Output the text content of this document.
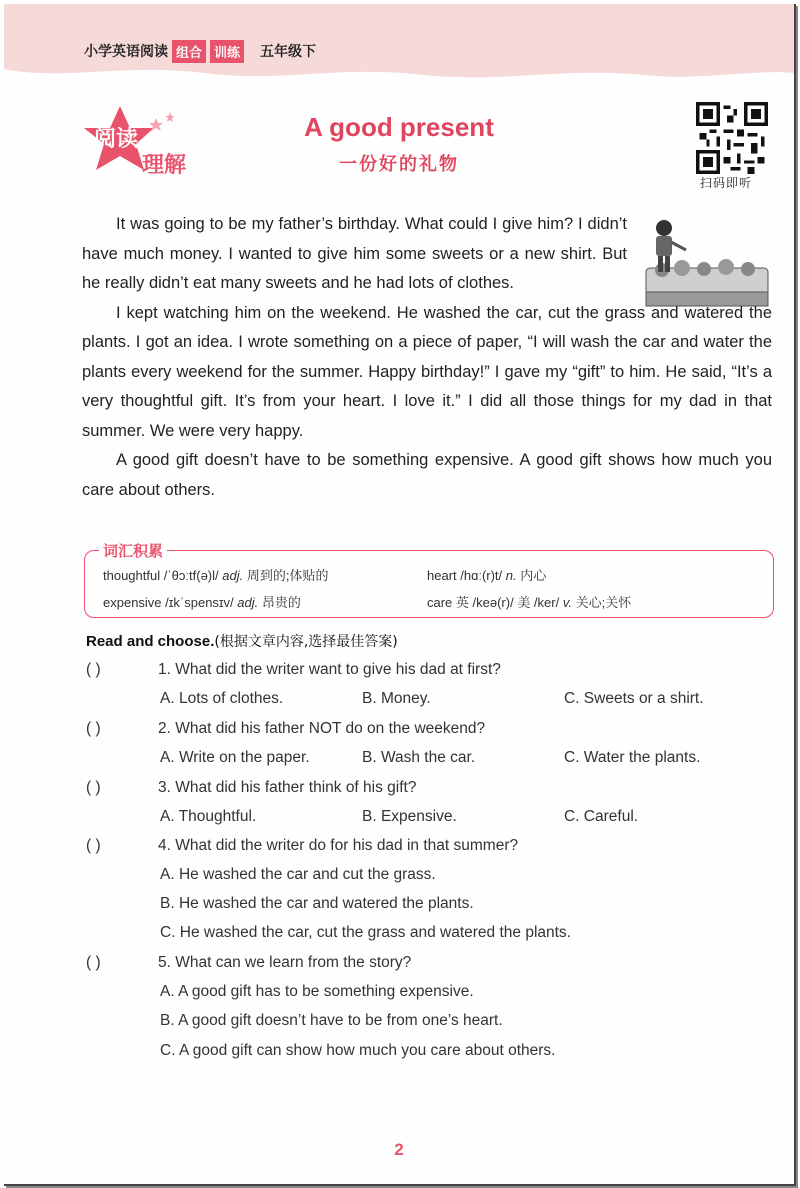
小学英语阅读 组合 训练 五年级下
阅读
理解
A good present
一份好的礼物
扫码即听

It was going to be my father’s birthday. What could I give him? I didn’t have much money. I wanted to give him some sweets or a new shirt. But he really didn’t eat many sweets and he had lots of clothes.

I kept watching him on the weekend. He washed the car, cut the grass and watered the plants. I got an idea. I wrote something on a piece of paper, “I will wash the car and water the plants every weekend for the summer. Happy birthday!” I gave my “gift” to him. He said, “It’s a very thoughtful gift. It’s from your heart. I love it.” I did all those things for my dad in that summer. We were very happy.

A good gift doesn’t have to be something expensive. A good gift shows how much you care about others.

词汇积累
thoughtful /ˈθɔːtf(ə)l/ adj. 周到的;体贴的	heart /hɑː(r)t/ n. 内心
expensive /ɪkˈspensɪv/ adj. 昂贵的	care 英 /keə(r)/ 美 /ker/ v. 关心;关怀
Read and choose.(根据文章内容,选择最佳答案)
( )	1. What did the writer want to give his dad at first?
A. Lots of clothes.	B. Money.	C. Sweets or a shirt.
( )	2. What did his father NOT do on the weekend?
A. Write on the paper.	B. Wash the car.	C. Water the plants.
( )	3. What did his father think of his gift?
A. Thoughtful.	B. Expensive.	C. Careful.
( )	4. What did the writer do for his dad in that summer?
A. He washed the car and cut the grass.
B. He washed the car and watered the plants.
C. He washed the car, cut the grass and watered the plants.
( )	5. What can we learn from the story?
A. A good gift has to be something expensive.
B. A good gift doesn’t have to be from one’s heart.
C. A good gift can show how much you care about others.
2
